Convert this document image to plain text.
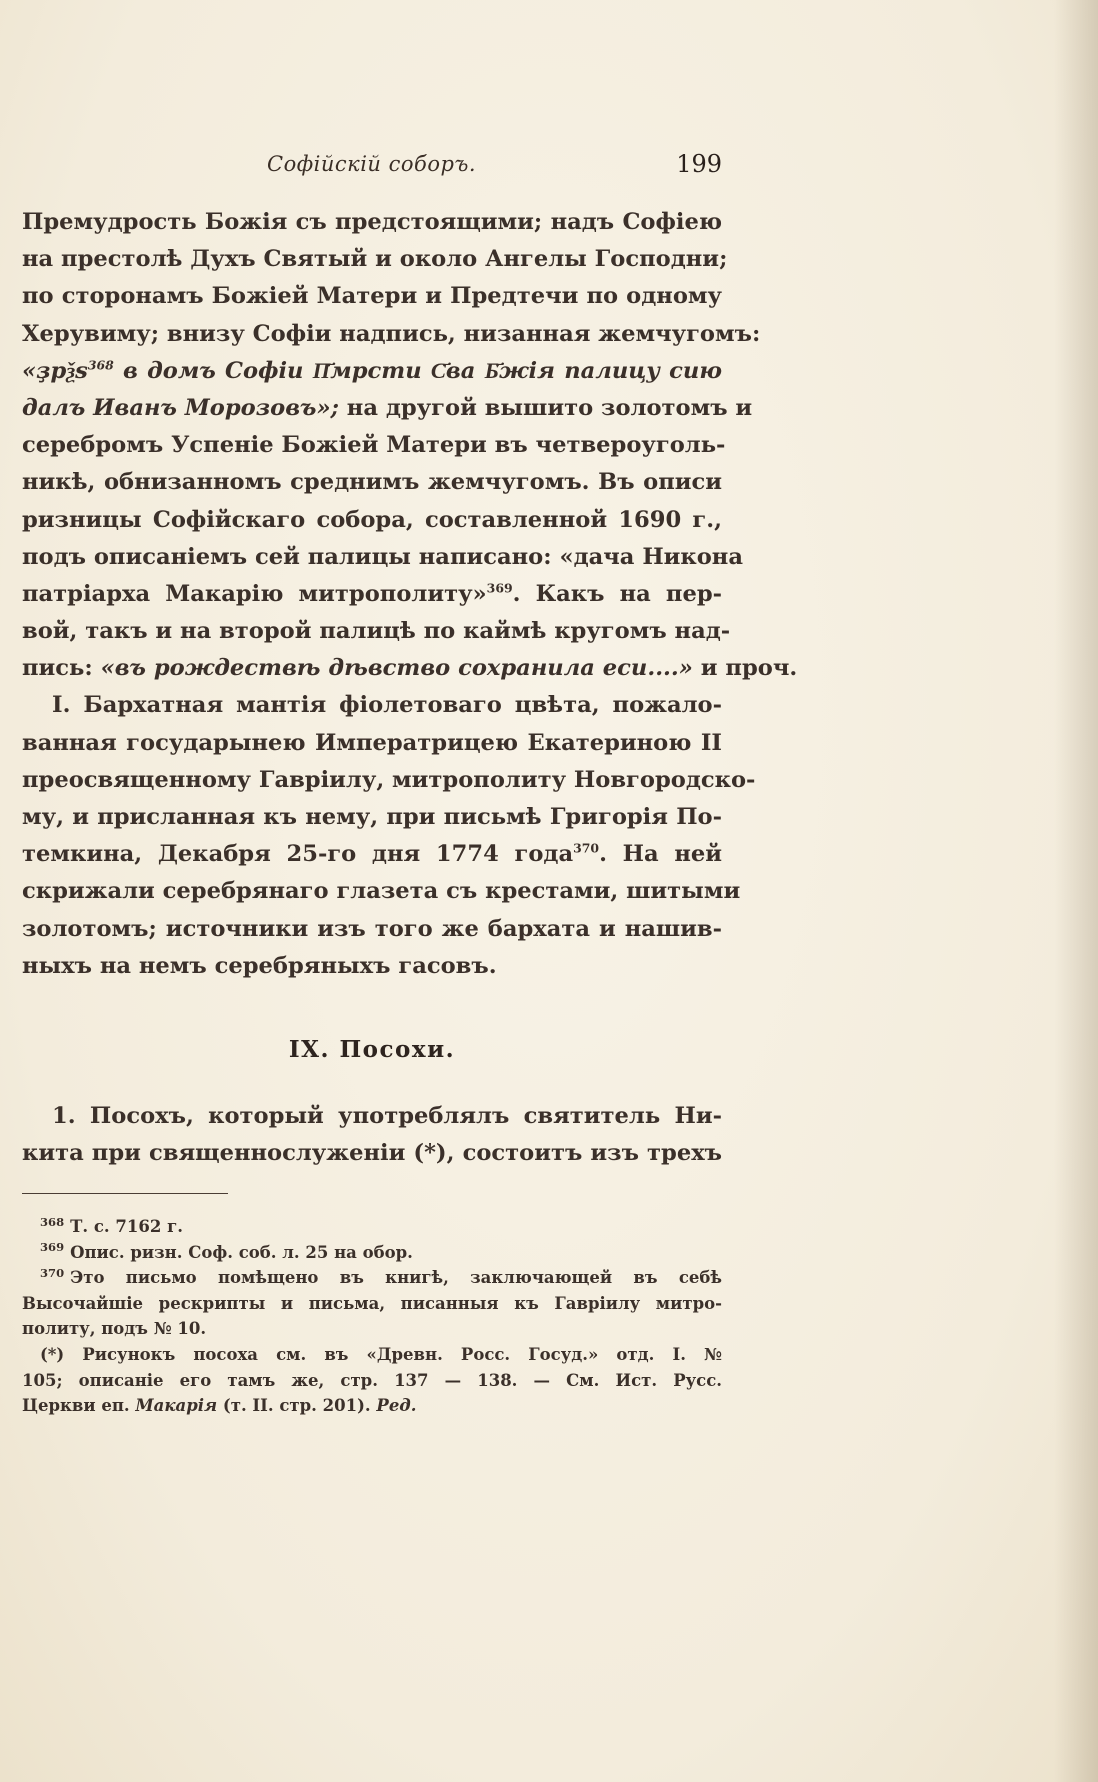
Софійскій соборъ.	199
Премудрость Божія съ предстоящими; надъ Софіею
на престолѣ Духъ Святый и около Ангелы Господни;
по сторонамъ Божіей Матери и Предтечи по одному
Херувиму; внизу Софіи надпись, низанная жемчугомъ:
«ҙрѯѕ$^{368}$ в домъ Софіи П҃мрсти С҃ва Б҃жія палицу сию
далъ Иванъ Морозовъ»; на другой вышито золотомъ и
серебромъ Успеніе Божіей Матери въ четвероуголь-
никѣ, обнизанномъ среднимъ жемчугомъ. Въ описи
ризницы Софійскаго собора, составленной 1690 г.,
подъ описаніемъ сей палицы написано: «дача Никона
патріарха Макарію митрополиту»$^{369}$. Какъ на пер-
вой, такъ и на второй палицѣ по каймѣ кругомъ над-
пись: «въ рождествѣ дѣвство сохранила еси....» и проч.
I. Бархатная мантія фіолетоваго цвѣта, пожало-
ванная государынею Императрицею Екатериною II
преосвященному Гавріилу, митрополиту Новгородско-
му, и присланная къ нему, при письмѣ Григорія По-
темкина, Декабря 25-го дня 1774 года$^{370}$. На ней
скрижали серебрянаго глазета съ крестами, шитыми
золотомъ; источники изъ того же бархата и нашив-
ныхъ на немъ серебряныхъ гасовъ.
IX. Посохи.
1. Посохъ, который употреблялъ святитель Ни-
кита при священнослуженіи (*), состоитъ изъ трехъ
$^{368}$ Т. с. 7162 г.
$^{369}$ Опис. ризн. Соф. соб. л. 25 на обор.
$^{370}$ Это письмо помѣщено въ книгѣ, заключающей въ себѣ
Высочайшіе рескрипты и письма, писанныя къ Гавріилу митро-
политу, подъ № 10.
(*) Рисунокъ посоха см. въ «Древн. Росс. Госуд.» отд. I. №
105; описаніе его тамъ же, стр. 137 — 138. — См. Ист. Русс.
Церкви еп. Макарія (т. II. стр. 201). Ред.
